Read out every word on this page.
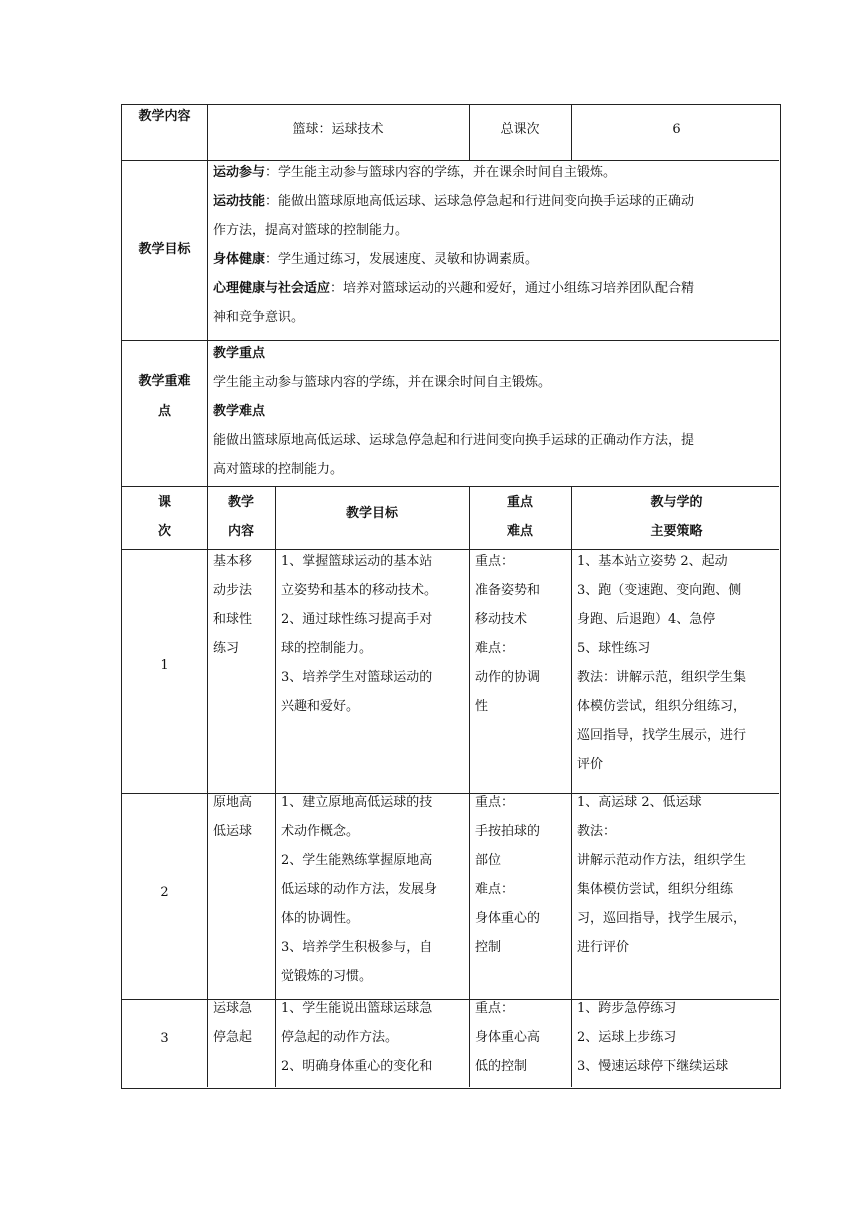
教学内容
篮球：运球技术	总课次	6
教学目标
运动参与：学生能主动参与篮球内容的学练，并在课余时间自主锻炼。
运动技能：能做出篮球原地高低运球、运球急停急起和行进间变向换手运球的正确动
作方法，提高对篮球的控制能力。
身体健康：学生通过练习，发展速度、灵敏和协调素质。
心理健康与社会适应：培养对篮球运动的兴趣和爱好，通过小组练习培养团队配合精
神和竞争意识。
教学重难
点
教学重点
学生能主动参与篮球内容的学练，并在课余时间自主锻炼。
教学难点
能做出篮球原地高低运球、运球急停急起和行进间变向换手运球的正确动作方法，提
高对篮球的控制能力。
课
次
教学
内容
教学目标
重点
难点
教与学的
主要策略
1
基本移
动步法
和球性
练习
1、掌握篮球运动的基本站
立姿势和基本的移动技术。
2、通过球性练习提高手对
球的控制能力。
3、培养学生对篮球运动的
兴趣和爱好。
重点：
准备姿势和
移动技术
难点：
动作的协调
性
1、基本站立姿势 2、起动
3、跑（变速跑、变向跑、侧
身跑、后退跑）4、急停
5、球性练习
教法：讲解示范，组织学生集
体模仿尝试，组织分组练习，
巡回指导，找学生展示，进行
评价
2
原地高
低运球
1、建立原地高低运球的技
术动作概念。
2、学生能熟练掌握原地高
低运球的动作方法，发展身
体的协调性。
3、培养学生积极参与，自
觉锻炼的习惯。
重点：
手按拍球的
部位
难点：
身体重心的
控制
1、高运球 2、低运球
教法：
讲解示范动作方法，组织学生
集体模仿尝试，组织分组练
习，巡回指导，找学生展示，
进行评价
3
运球急
停急起
1、学生能说出篮球运球急
停急起的动作方法。
2、明确身体重心的变化和
重点：
身体重心高
低的控制
1、跨步急停练习
2、运球上步练习
3、慢速运球停下继续运球
